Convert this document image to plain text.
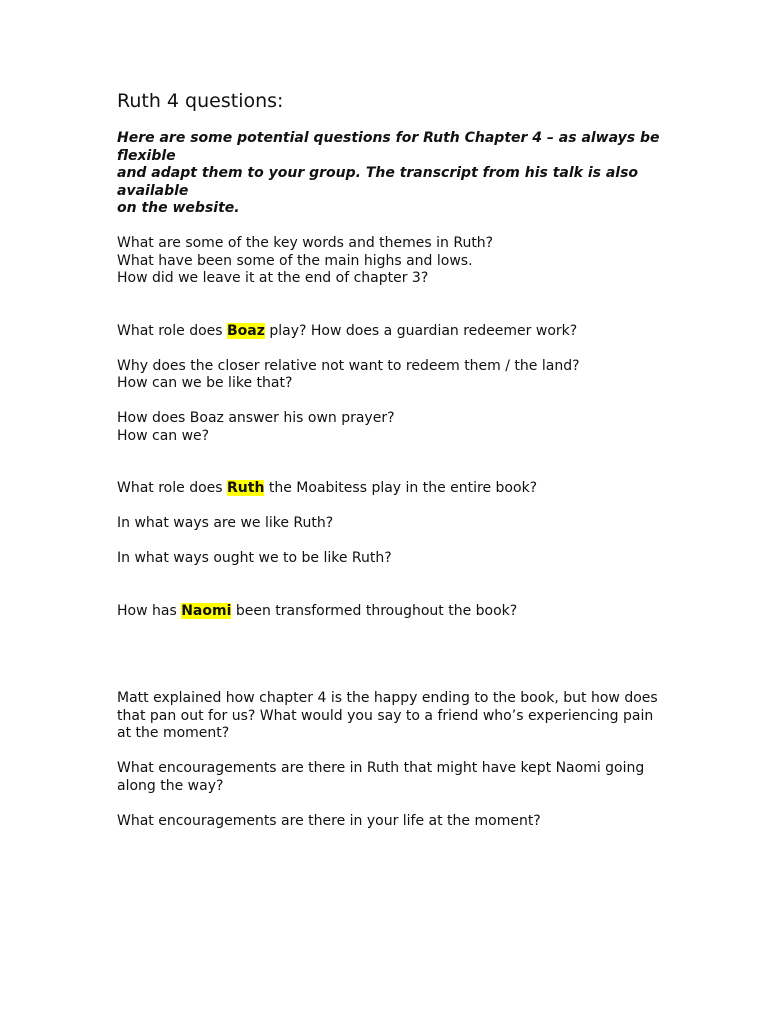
Ruth 4 questions:
Here are some potential questions for Ruth Chapter 4 – as always be flexible
and adapt them to your group. The transcript from his talk is also available
on the website.
What are some of the key words and themes in Ruth?
What have been some of the main highs and lows.
How did we leave it at the end of chapter 3?
What role does Boaz play? How does a guardian redeemer work?
Why does the closer relative not want to redeem them / the land?
How can we be like that?
How does Boaz answer his own prayer?
How can we?
What role does Ruth the Moabitess play in the entire book?
In what ways are we like Ruth?
In what ways ought we to be like Ruth?
How has Naomi been transformed throughout the book?
Matt explained how chapter 4 is the happy ending to the book, but how does
that pan out for us? What would you say to a friend who’s experiencing pain
at the moment?
What encouragements are there in Ruth that might have kept Naomi going
along the way?
What encouragements are there in your life at the moment?
